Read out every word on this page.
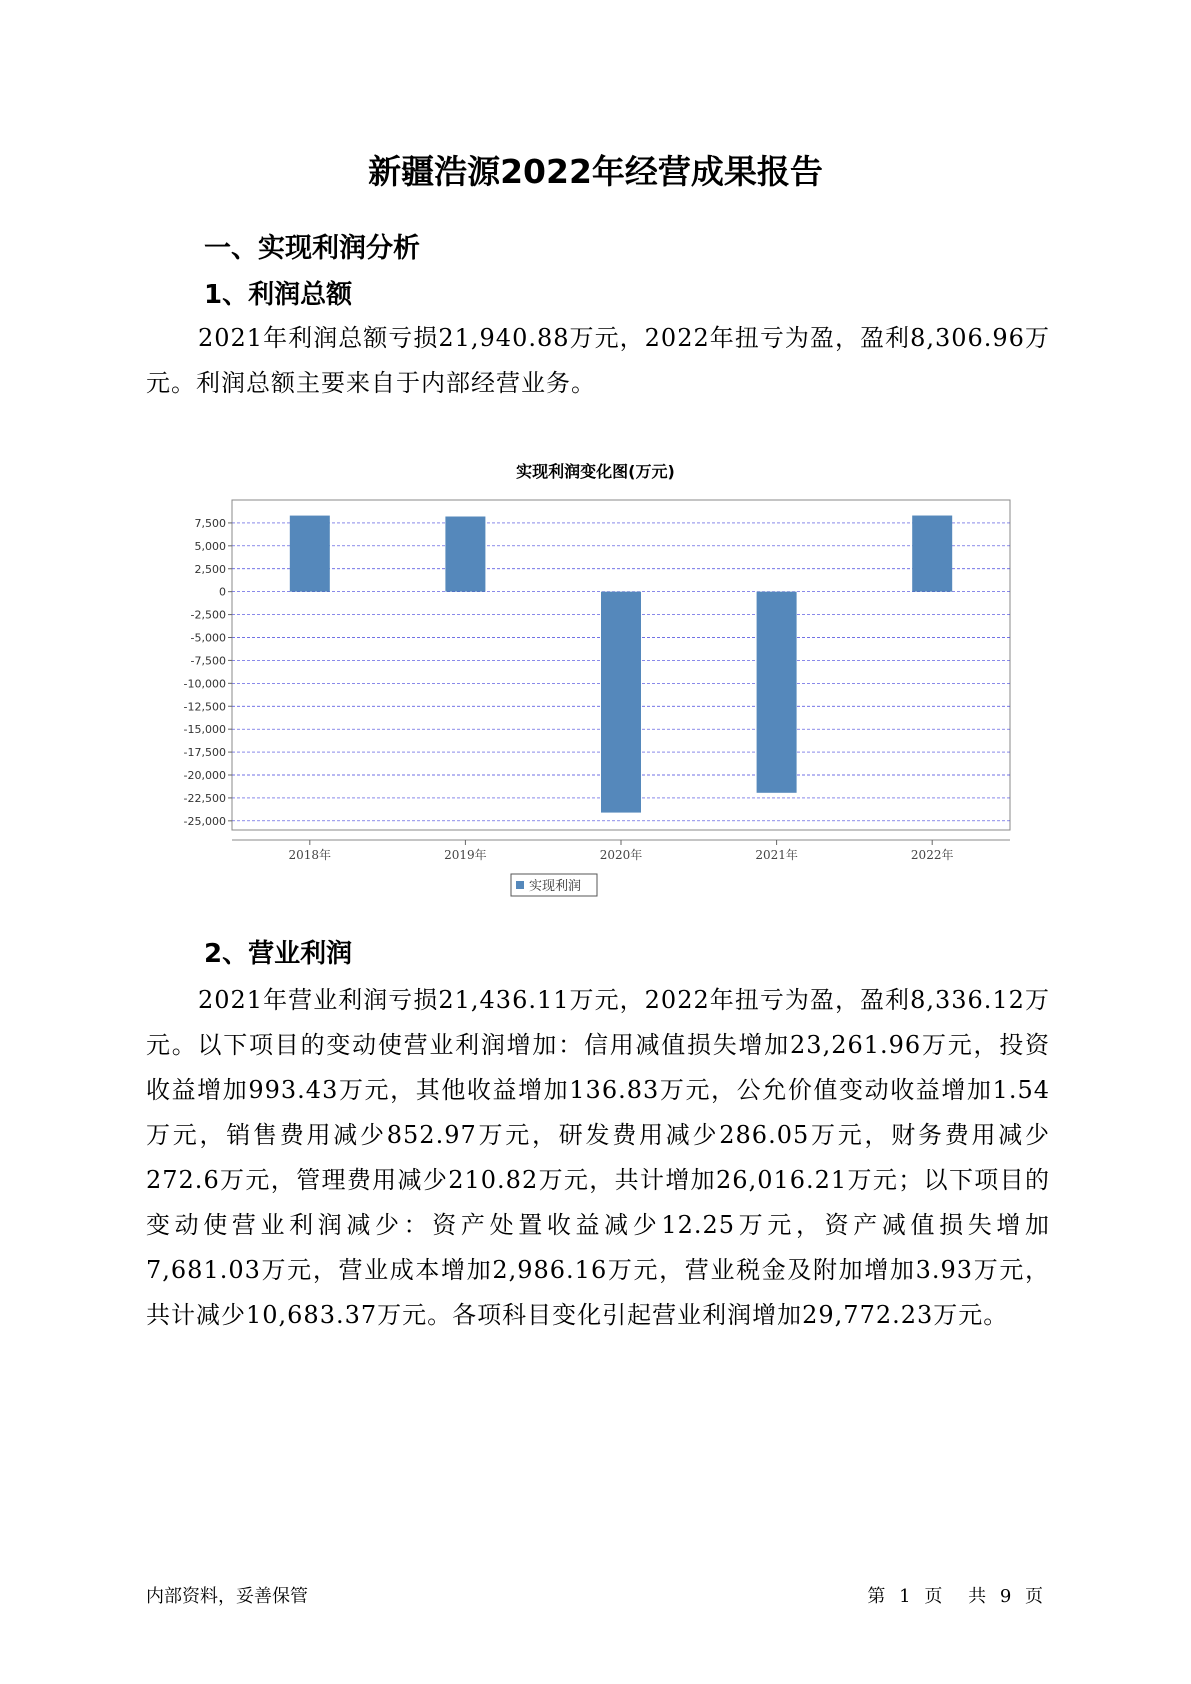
新疆浩源2022年经营成果报告
一、实现利润分析
1、利润总额

2021年利润总额亏损21,940.88万元，2022年扭亏为盈，盈利8,306.96万元。利润总额主要来自于内部经营业务。

实现利润变化图(万元)
7,500
5,000
2,500
0
-2,500
-5,000
-7,500
-10,000
-12,500
-15,000
-17,500
-20,000
-22,500
-25,000
2018年	2019年	2020年	2021年	2022年
实现利润
2、营业利润

2021年营业利润亏损21,436.11万元，2022年扭亏为盈，盈利8,336.12万元。以下项目的变动使营业利润增加：信用减值损失增加23,261.96万元，投资收益增加993.43万元，其他收益增加136.83万元，公允价值变动收益增加1.54万元，销售费用减少852.97万元，研发费用减少286.05万元，财务费用减少272.6万元，管理费用减少210.82万元，共计增加26,016.21万元；以下项目的变动使营业利润减少：资产处置收益减少12.25万元，资产减值损失增加7,681.03万元，营业成本增加2,986.16万元，营业税金及附加增加3.93万元，共计减少10,683.37万元。各项科目变化引起营业利润增加29,772.23万元。

内部资料，妥善保管	第 1 页 共 9 页
